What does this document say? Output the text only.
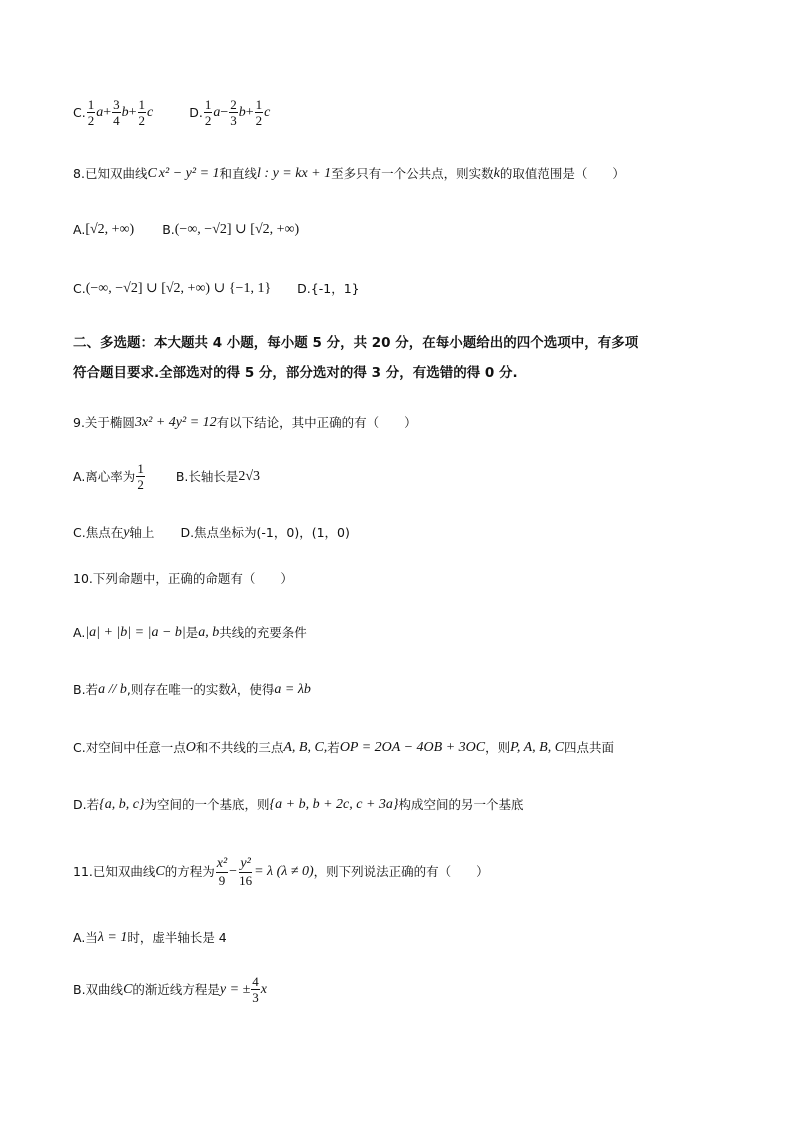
C. $\frac{1}{2}$ $a + \frac{3}{4}$ $b + \frac{1}{2}$ c	D. $\frac{1}{2}$ $a - \frac{2}{3}$ $b + \frac{1}{2}$ c
8. 已知双曲线 C x² − y² = 1 和直线 l : y = kx + 1 至多只有一个公共点，则实数 k 的取值范围是（　　）
A. [√2, +∞) B. (−∞, −√2] ∪ [√2, +∞)
C. (−∞, −√2] ∪ [√2, +∞) ∪ {−1, 1} D. {-1，1}
二、多选题：本大题共 4 小题，每小题 5 分，共 20 分，在每小题给出的四个选项中，有多项
符合题目要求.全部选对的得 5 分，部分选对的得 3 分，有选错的得 0 分.
9.关于椭圆 3x² + 4y² = 12 有以下结论，其中正确的有（　　）
A.离心率为 $\frac{1}{2} B$.长轴长是 2√3
C.焦点在 y 轴上 D.焦点坐标为(-1，0)，(1，0)
10.下列命题中，正确的命题有（　　）
A. |a| + |b| = |a − b| 是 a, b 共线的充要条件
B.若 a // b ,则存在唯一的实数 λ ，使得 a = λb
C.对空间中任意一点 O 和不共线的三点 A, B, C, 若 OP = 2OA − 4OB + 3OC ，则 P, A, B, C 四点共面
D.若 {a, b, c} 为空间的一个基底，则 {a + b, b + 2c, c + 3a} 构成空间的另一个基底
11.已知双曲线 C 的方程为 $\frac{\text{x²}}{9} - \frac{\text{y²}}{16} = \lambda$ (λ ≠ 0) ，则下列说法正确的有（　　）
A.当 λ = 1 时，虚半轴长是 4
B.双曲线 C 的渐近线方程是 y = ± $\frac{4}{3}$ x
